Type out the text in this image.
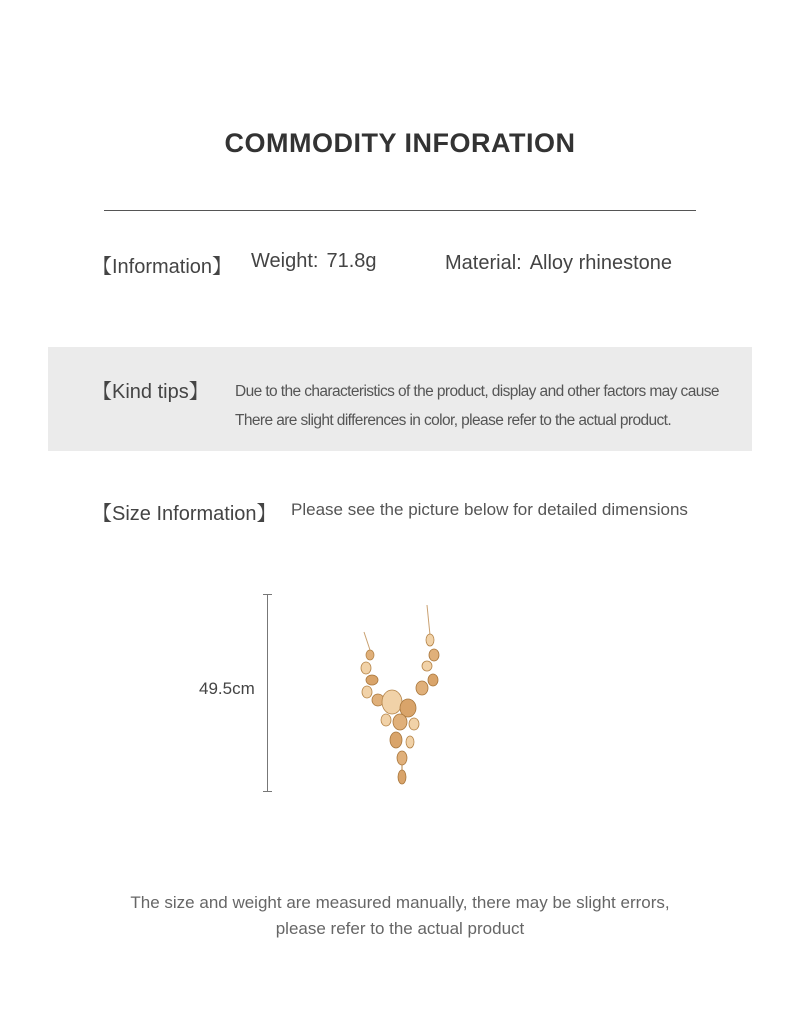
COMMODITY INFORATION
【Information】 Weight: 71.8g	Material: Alloy rhinestone
【Kind tips】 Due to the characteristics of the product, display and other factors may cause
There are slight differences in color, please refer to the actual product.
【Size Information】 Please see the picture below for detailed dimensions
49.5cm
The size and weight are measured manually, there may be slight errors,
please refer to the actual product
